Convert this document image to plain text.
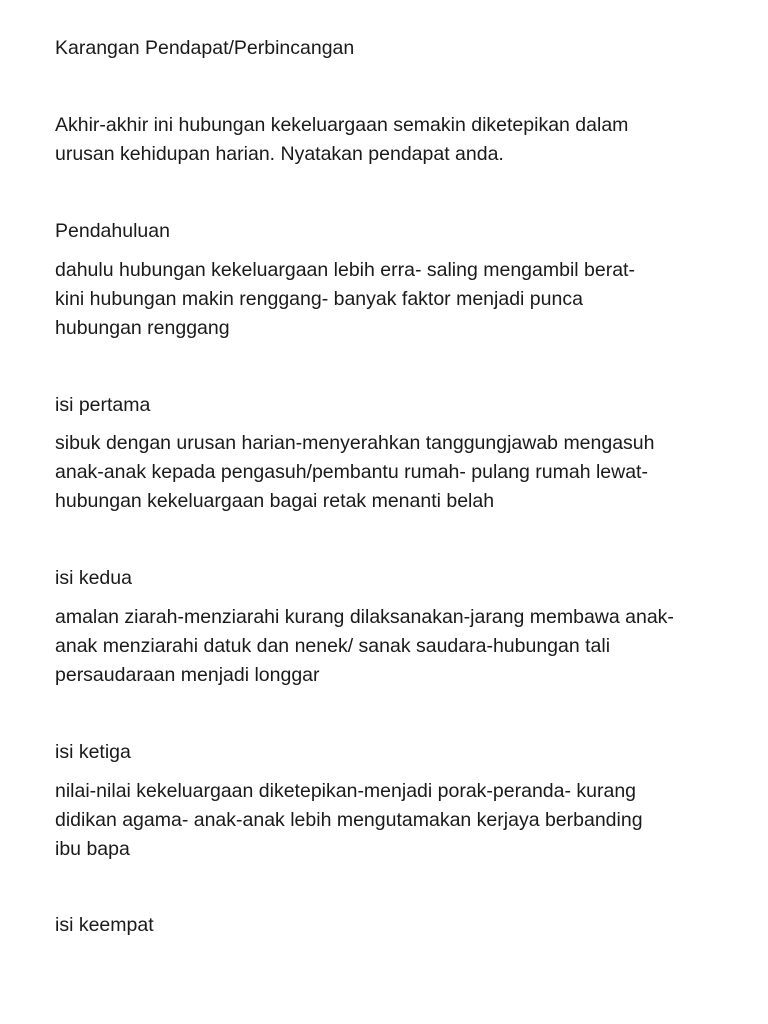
Karangan Pendapat/Perbincangan
Akhir-akhir ini hubungan kekeluargaan semakin diketepikan dalam
urusan kehidupan harian. Nyatakan pendapat anda.
Pendahuluan
dahulu hubungan kekeluargaan lebih erra- saling mengambil berat-
kini hubungan makin renggang- banyak faktor menjadi punca
hubungan renggang
isi pertama
sibuk dengan urusan harian-menyerahkan tanggungjawab mengasuh
anak-anak kepada pengasuh/pembantu rumah- pulang rumah lewat-
hubungan kekeluargaan bagai retak menanti belah
isi kedua
amalan ziarah-menziarahi kurang dilaksanakan-jarang membawa anak-
anak menziarahi datuk dan nenek/ sanak saudara-hubungan tali
persaudaraan menjadi longgar
isi ketiga
nilai-nilai kekeluargaan diketepikan-menjadi porak-peranda- kurang
didikan agama- anak-anak lebih mengutamakan kerjaya berbanding
ibu bapa
isi keempat
